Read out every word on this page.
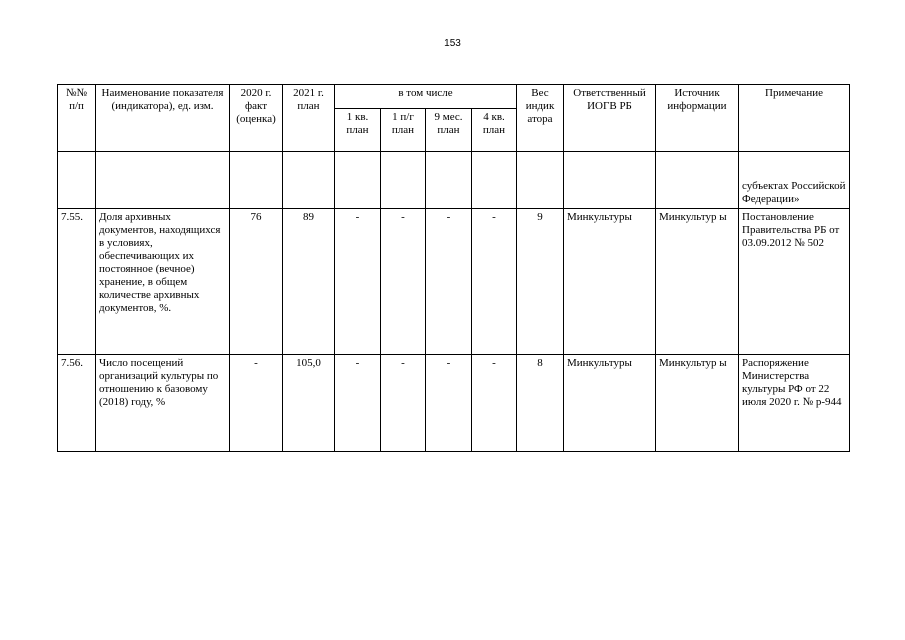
153
№№ п/п	Наименование показателя (индикатора), ед. изм.	2020 г. факт (оценка)	2021 г. план	в том числе				Вес индик атора	Ответственный ИОГВ РБ	Источник информации	Примечание
				1 кв. план	1 п/г план	9 мес. план	4 кв. план				
											субъектах Российской Федерации»
7.55.	Доля архивных документов, находящихся в условиях, обеспечивающих их постоянное (вечное) хранение, в общем количестве архивных документов, %.	76	89	-	-	-	-	9	Минкультуры	Минкультур ы	Постановление Правительства РБ от 03.09.2012 № 502
7.56.	Число посещений организаций культуры по отношению к базовому (2018) году, %	-	105,0	-	-	-	-	8	Минкультуры	Минкультур ы	Распоряжение Министерства культуры РФ от 22 июля 2020 г. № р-944
